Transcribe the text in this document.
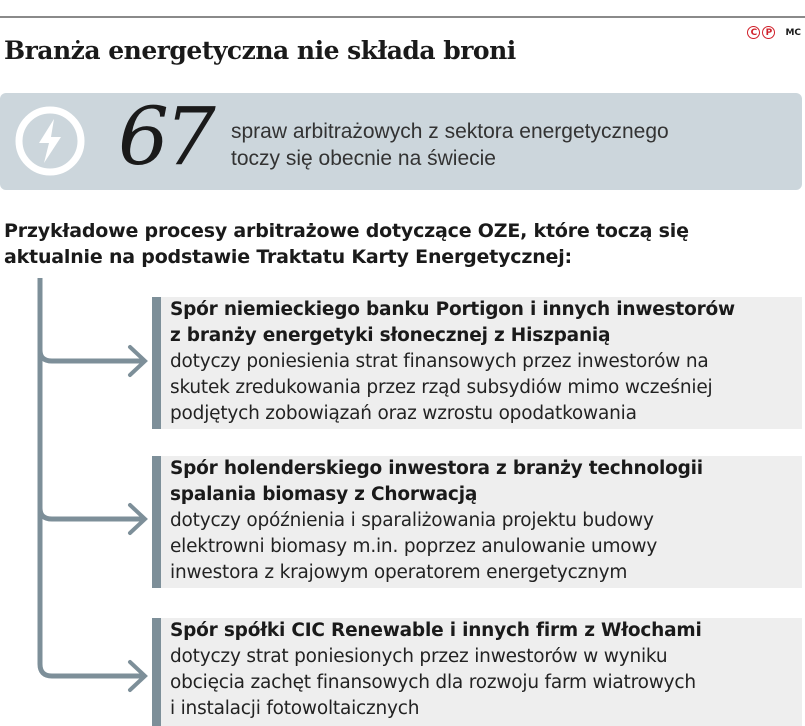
Branża energetyczna nie składa broni
C P	MC
67 spraw arbitrażowych z sektora energetycznego
toczy się obecnie na świecie
Przykładowe procesy arbitrażowe dotyczące OZE, które toczą się
aktualnie na podstawie Traktatu Karty Energetycznej:
Spór niemieckiego banku Portigon i innych inwestorów
z branży energetyki słonecznej z Hiszpanią
dotyczy poniesienia strat finansowych przez inwestorów na
skutek zredukowania przez rząd subsydiów mimo wcześniej
podjętych zobowiązań oraz wzrostu opodatkowania
Spór holenderskiego inwestora z branży technologii
spalania biomasy z Chorwacją
dotyczy opóźnienia i sparaliżowania projektu budowy
elektrowni biomasy m.in. poprzez anulowanie umowy
inwestora z krajowym operatorem energetycznym
Spór spółki CIC Renewable i innych firm z Włochami
dotyczy strat poniesionych przez inwestorów w wyniku
obcięcia zachęt finansowych dla rozwoju farm wiatrowych
i instalacji fotowoltaicznych
